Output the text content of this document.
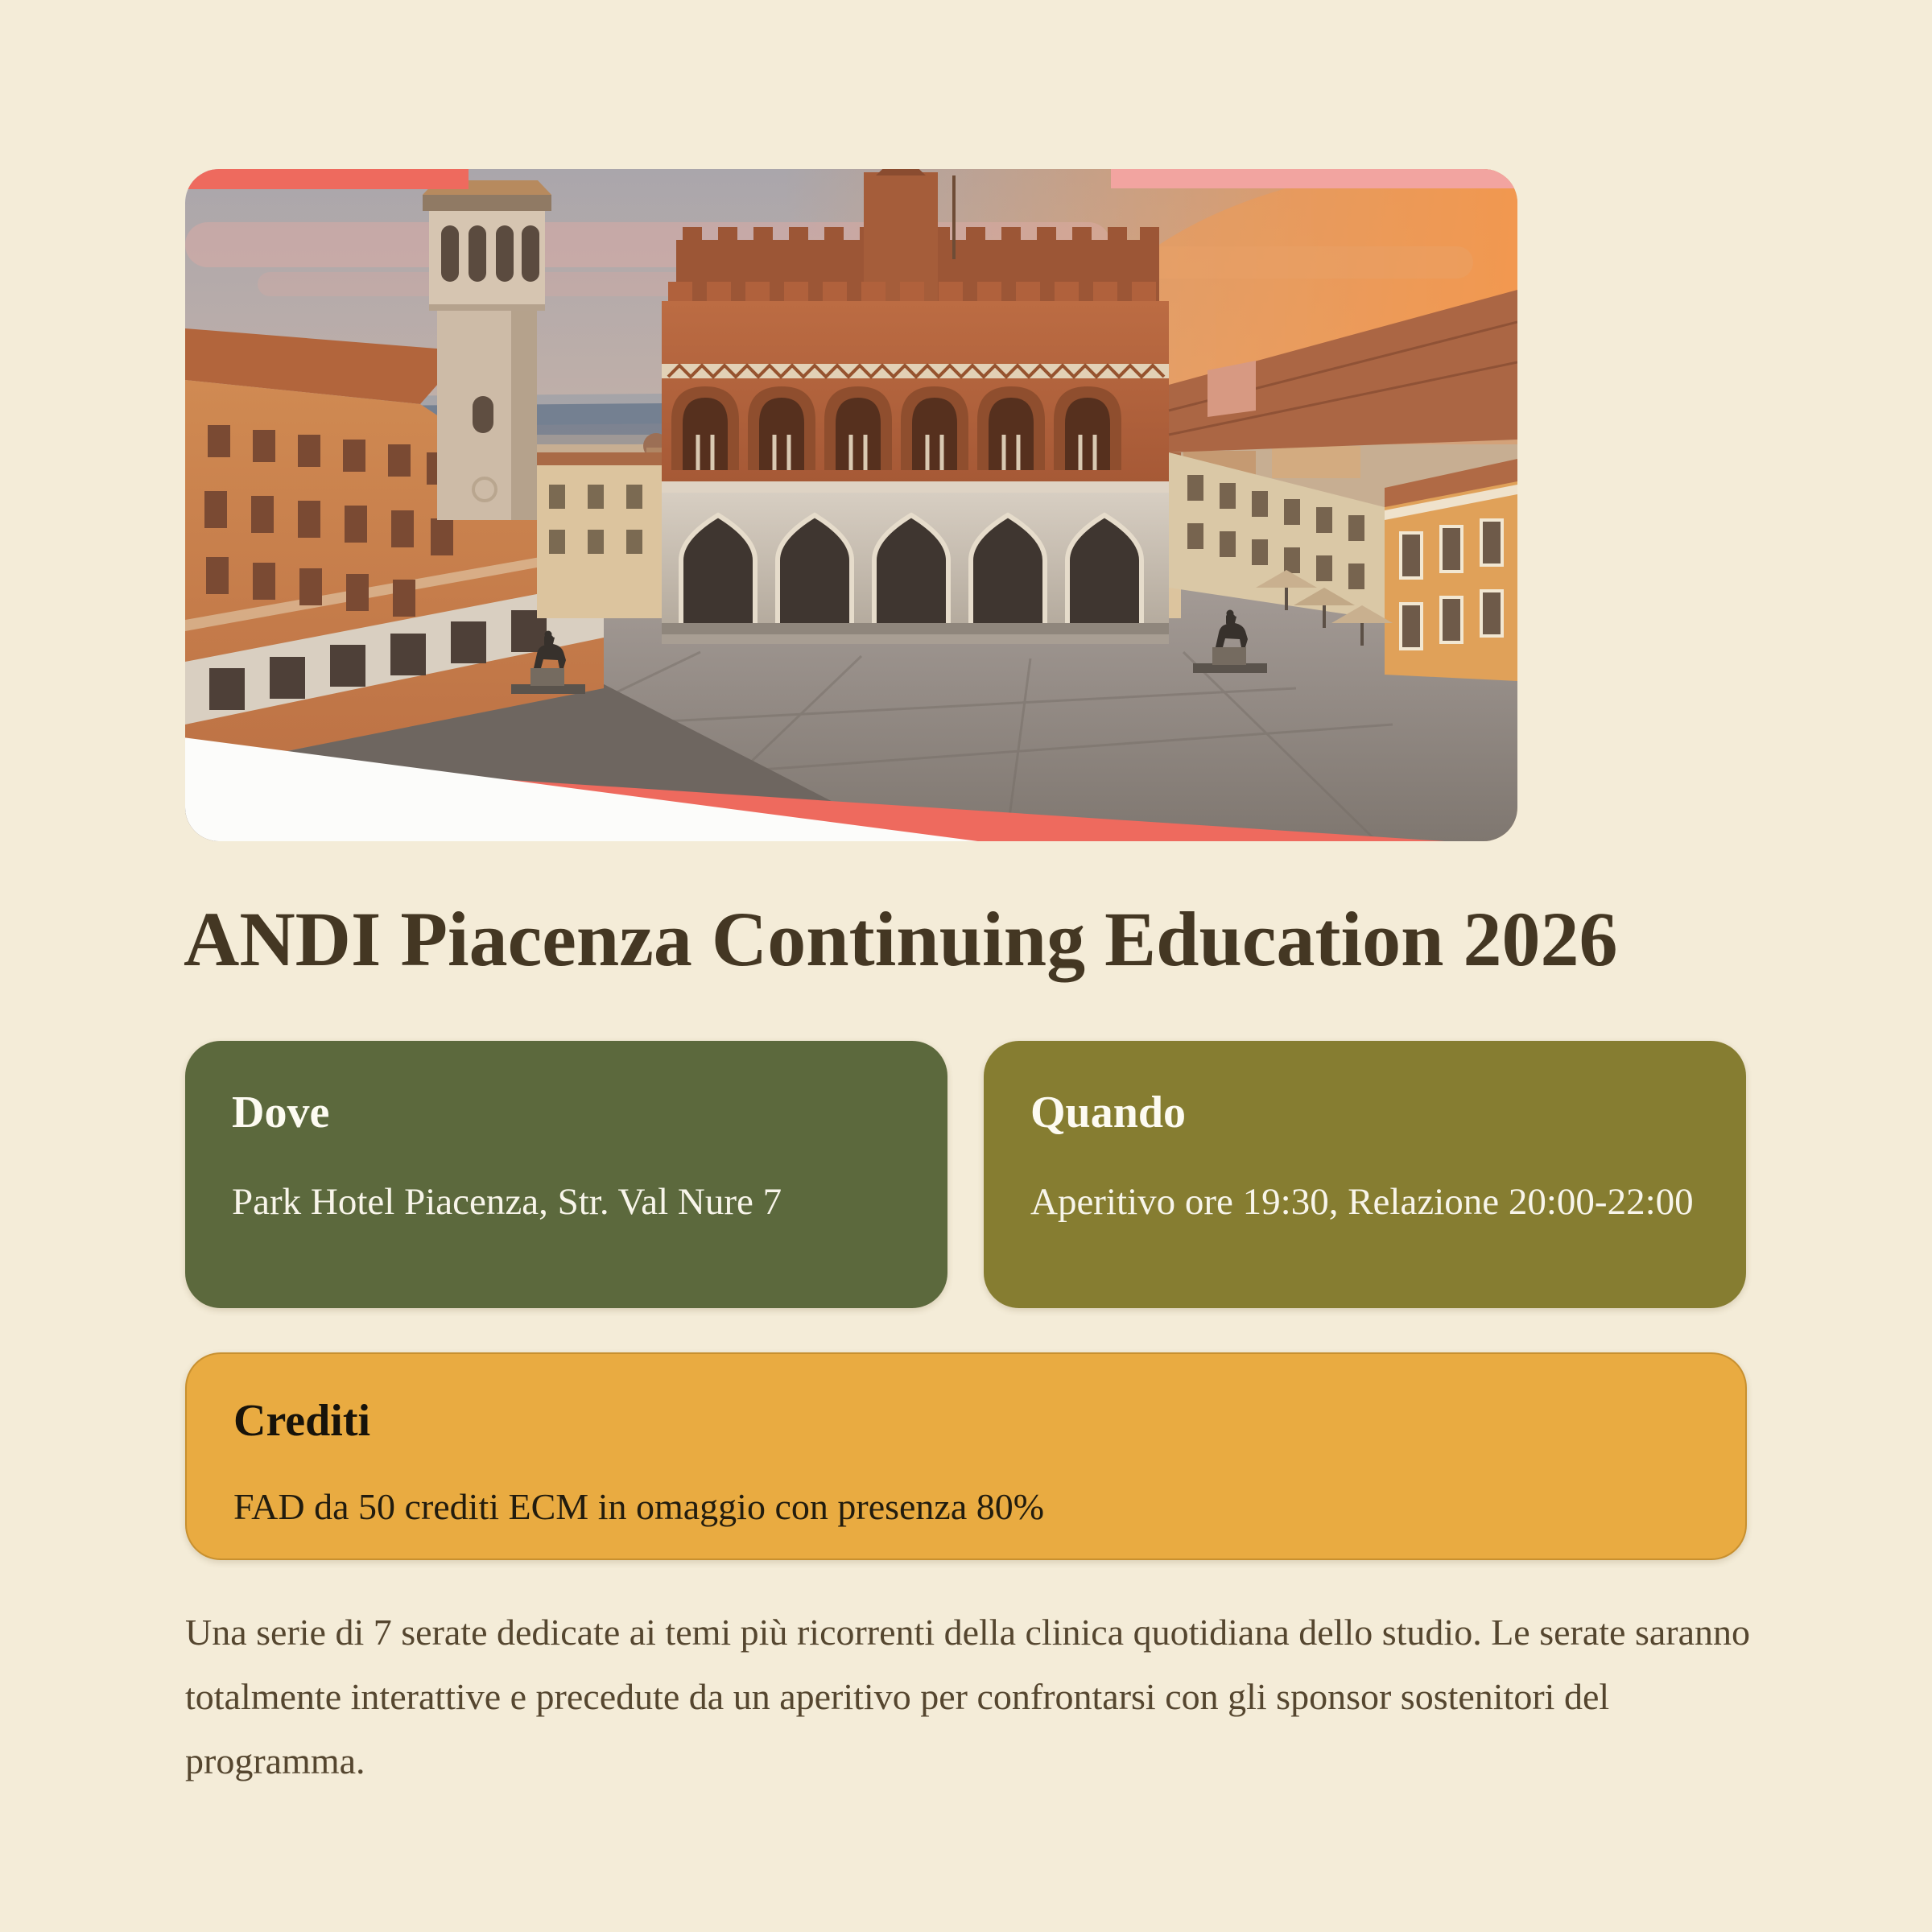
ANDI Piacenza Continuing Education 2026
Dove

Park Hotel Piacenza, Str. Val Nure 7

Quando

Aperitivo ore 19:30, Relazione 20:00-22:00

Crediti

FAD da 50 crediti ECM in omaggio con presenza 80%

Una serie di 7 serate dedicate ai temi più ricorrenti della clinica quotidiana dello studio. Le serate saranno totalmente interattive e precedute da un aperitivo per confrontarsi con gli sponsor sostenitori del programma.
